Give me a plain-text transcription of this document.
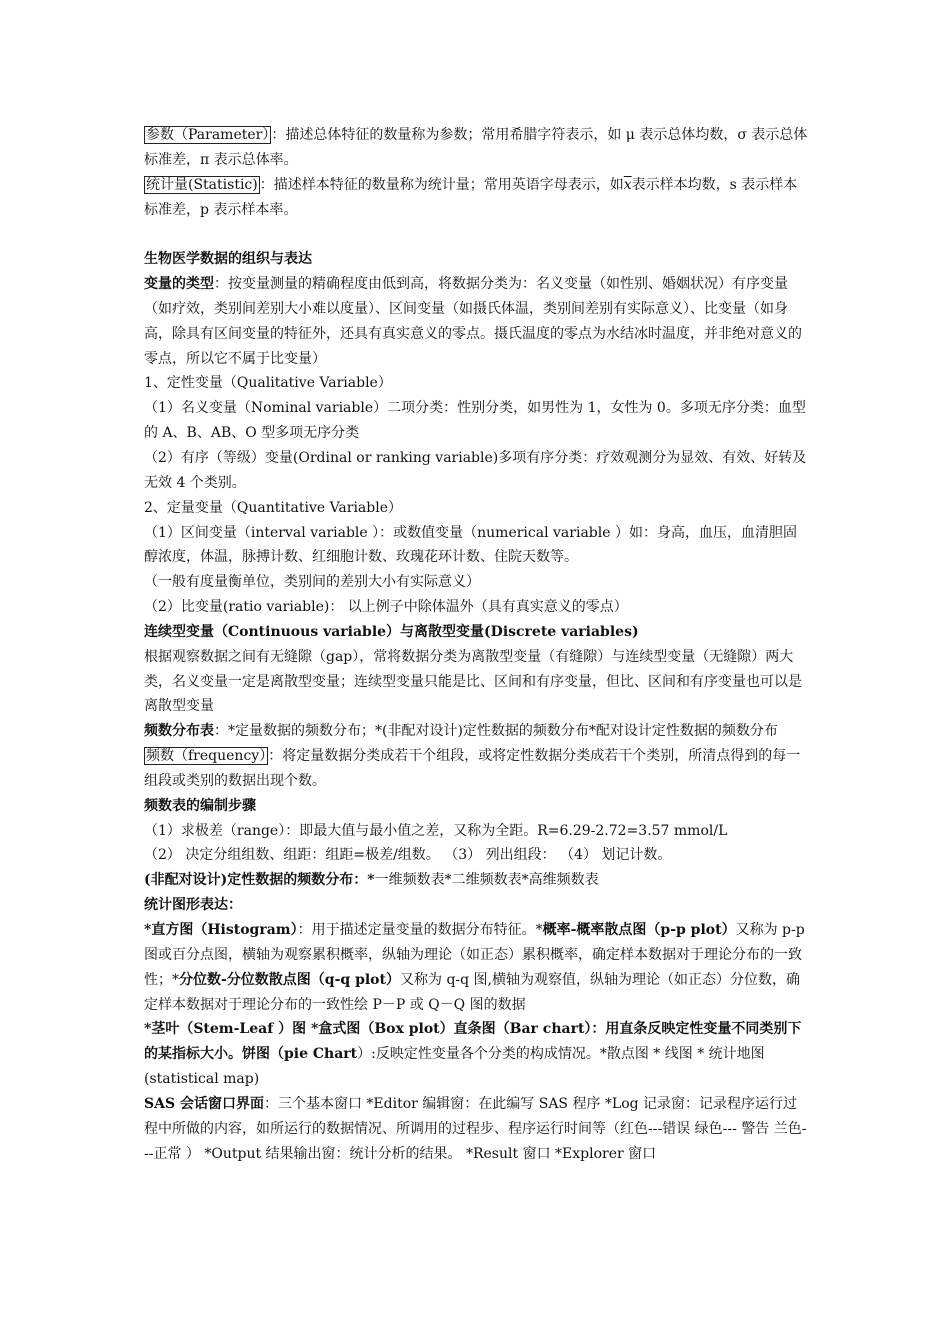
参数（Parameter） ：描述总体特征的数量称为参数；常用希腊字符表示，如 μ 表示总体均数，σ 表示总体标准差，π 表示总体率。

统计量(Statistic) ：描述样本特征的数量称为统计量；常用英语字母表示，如$\overline{x}$表示样本均数，s 表示样本标准差，p 表示样本率。

生物医学数据的组织与表达

变量的类型：按变量测量的精确程度由低到高，将数据分类为：名义变量（如性别、婚姻状况）有序变量（如疗效，类别间差别大小难以度量）、区间变量（如摄氏体温，类别间差别有实际意义）、比变量（如身高，除具有区间变量的特征外，还具有真实意义的零点。摄氏温度的零点为水结冰时温度，并非绝对意义的零点，所以它不属于比变量）

1、定性变量（Qualitative Variable）

（1）名义变量（Nominal variable）二项分类：性别分类，如男性为 1，女性为 0。多项无序分类：血型的 A、B、AB、O 型多项无序分类

（2）有序（等级）变量(Ordinal or ranking variable)多项有序分类：疗效观测分为显效、有效、好转及无效 4 个类别。

2、定量变量（Quantitative Variable）

（1）区间变量（interval variable ）：或数值变量（numerical variable ）如：身高，血压，血清胆固醇浓度，体温，脉搏计数、红细胞计数、玫瑰花环计数、住院天数等。

（一般有度量衡单位，类别间的差别大小有实际意义）

（2）比变量(ratio variable)： 以上例子中除体温外（具有真实意义的零点）

连续型变量（Continuous variable）与离散型变量(Discrete variables)

根据观察数据之间有无缝隙（gap），常将数据分类为离散型变量（有缝隙）与连续型变量（无缝隙）两大类，名义变量一定是离散型变量；连续型变量只能是比、区间和有序变量，但比、区间和有序变量也可以是离散型变量

频数分布表：*定量数据的频数分布；*(非配对设计)定性数据的频数分布*配对设计定性数据的频数分布

频数（frequency） ：将定量数据分类成若干个组段，或将定性数据分类成若干个类别，所清点得到的每一组段或类别的数据出现个数。

频数表的编制步骤

（1）求极差（range）：即最大值与最小值之差，又称为全距。R=6.29-2.72=3.57 mmol/L

（2） 决定分组组数、组距：组距=极差/组数。 （3） 列出组段： （4） 划记计数。

(非配对设计)定性数据的频数分布：*一维频数表*二维频数表*高维频数表

统计图形表达：

*直方图（Histogram）：用于描述定量变量的数据分布特征。*概率-概率散点图（p-p plot）又称为 p-p 图或百分点图，横轴为观察累积概率，纵轴为理论（如正态）累积概率，确定样本数据对于理论分布的一致性；*分位数-分位数散点图（q-q plot）又称为 q-q 图,横轴为观察值，纵轴为理论（如正态）分位数，确定样本数据对于理论分布的一致性绘 P－P 或 Q－Q 图的数据

*茎叶（Stem-Leaf ）图 *盒式图（Box plot）直条图（Bar chart）：用直条反映定性变量不同类别下的某指标大小。饼图（pie Chart）:反映定性变量各个分类的构成情况。*散点图 * 线图 * 统计地图(statistical map)

SAS 会话窗口界面：三个基本窗口 *Editor 编辑窗：在此编写 SAS 程序 *Log 记录窗：记录程序运行过程中所做的内容，如所运行的数据情况、所调用的过程步、程序运行时间等（红色---错误 绿色--- 警告 兰色---正常 ） *Output 结果输出窗：统计分析的结果。 *Result 窗口 *Explorer 窗口
